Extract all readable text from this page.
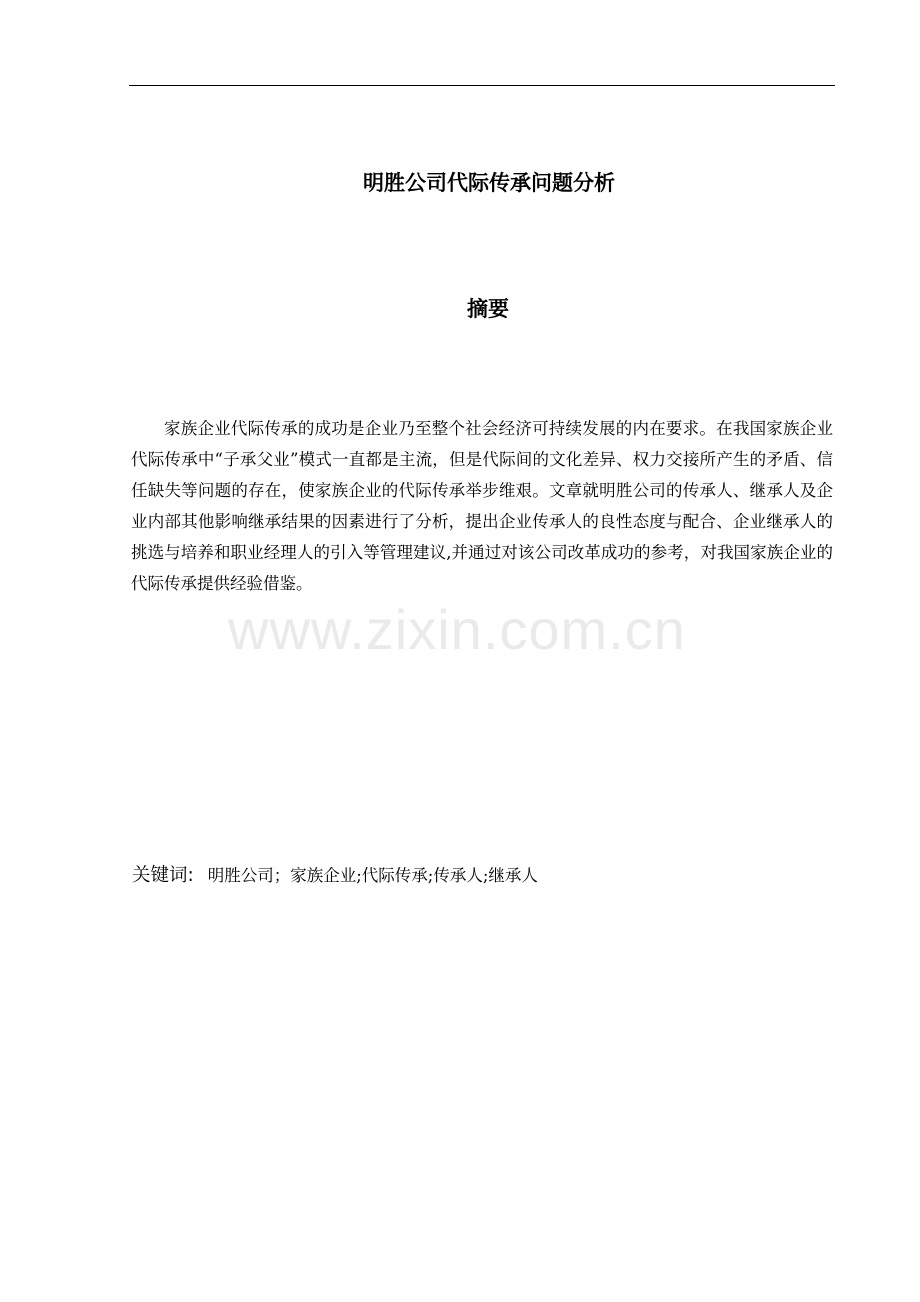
www.zixin.com.cn
明胜公司代际传承问题分析
摘要

家族企业代际传承的成功是企业乃至整个社会经济可持续发展的内在要求。在我国家族企业代际传承中“子承父业”模式一直都是主流，但是代际间的文化差异、权力交接所产生的矛盾、信任缺失等问题的存在，使家族企业的代际传承举步维艰。文章就明胜公司的传承人、继承人及企业内部其他影响继承结果的因素进行了分析，提出企业传承人的良性态度与配合、企业继承人的挑选与培养和职业经理人的引入等管理建议,并通过对该公司改革成功的参考，对我国家族企业的代际传承提供经验借鉴。

关键词: 明胜公司；家族企业;代际传承;传承人;继承人
